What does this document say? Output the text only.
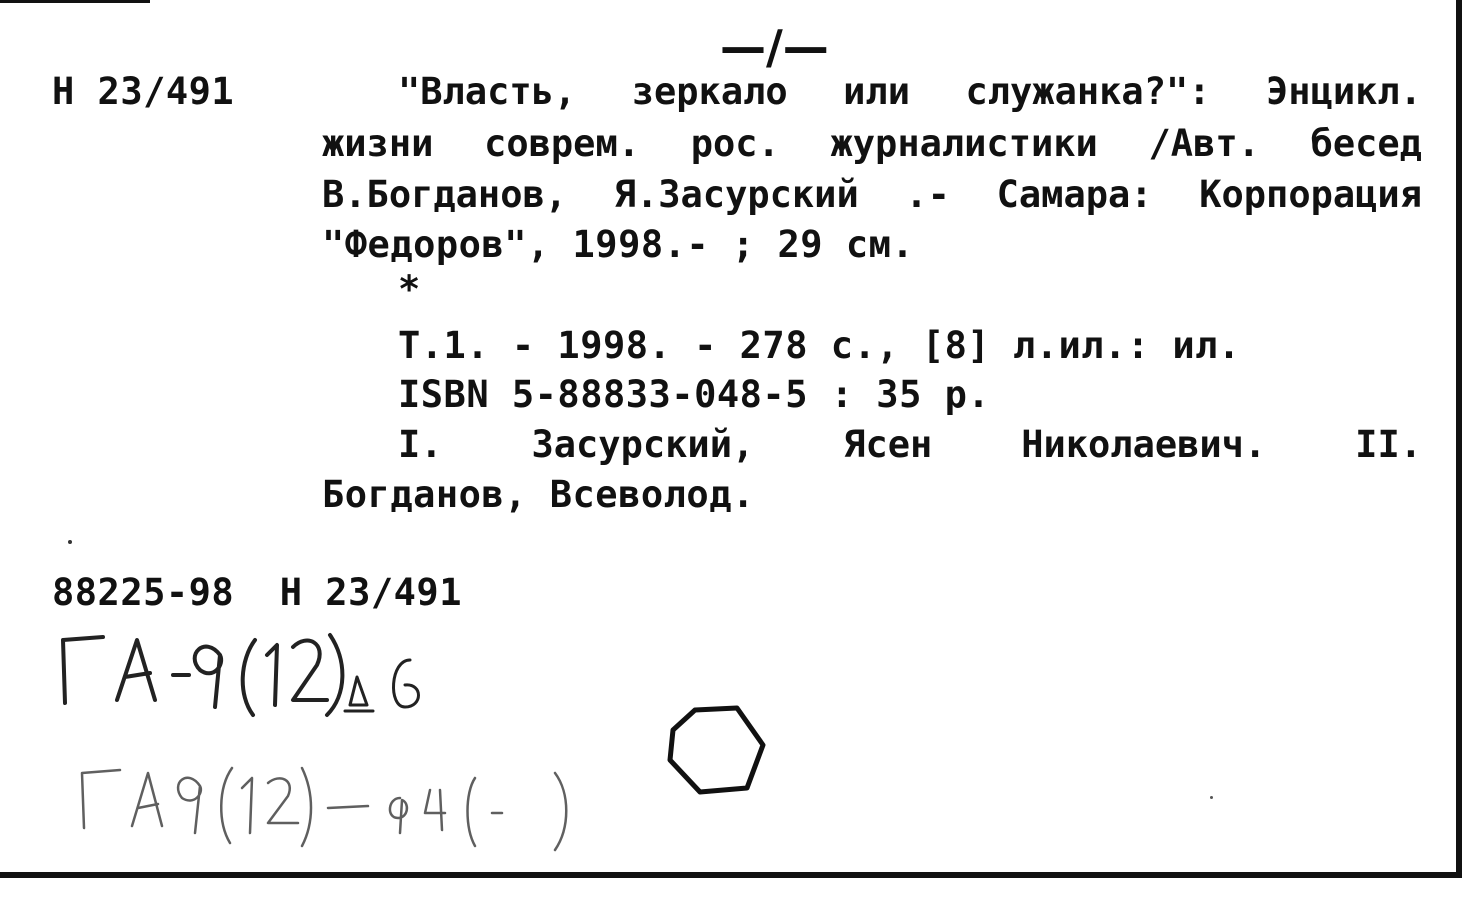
—/—
Н 23/491	"Власть, зеркало или служанка?": Энцикл.
жизни соврем. рос. журналистики /Авт. бесед
В.Богданов, Я.Засурский .- Самара: Корпорация
"Федоров", 1998.- ; 29 см.
*
Т.1. - 1998. - 278 с., [8] л.ил.: ил.
ISBN 5-88833-048-5 : 35 р.
I. Засурский, Ясен Николаевич. II.
Богданов, Всеволод.
88225-98  Н 23/491
